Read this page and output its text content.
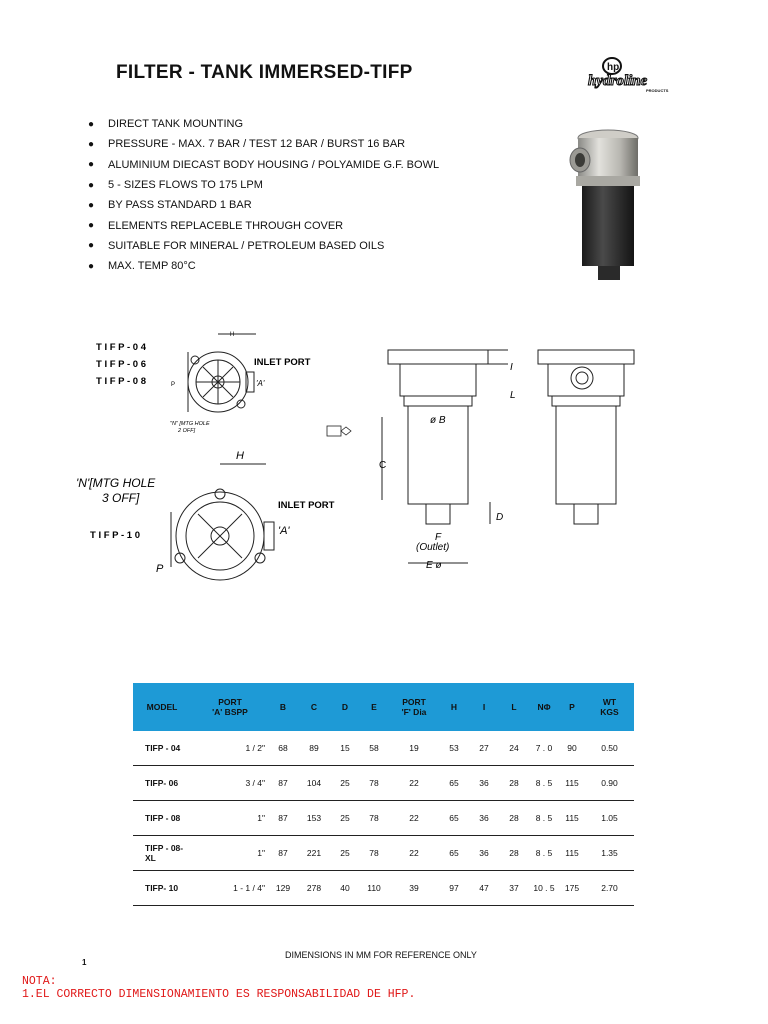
FILTER - TANK IMMERSED-TIFP	hp
hydroline
PRODUCTS
●	DIRECT TANK MOUNTING
●	PRESSURE - MAX. 7 BAR / TEST 12 BAR / BURST 16 BAR
●	ALUMINIUM DIECAST BODY HOUSING / POLYAMIDE G.F. BOWL
●	5 - SIZES FLOWS TO 175 LPM
●	BY PASS STANDARD 1 BAR
●	ELEMENTS REPLACEBLE THROUGH COVER
●	SUITABLE FOR MINERAL / PETROLEUM BASED OILS
●	MAX. TEMP 80°C
T I F P - 0 4
T I F P - 0 6
T I F P - 0 8
INLET PORT
'A'
P
H
"N" [MTG HOLE
2 OFF]
H
'N'[MTG HOLE
3 OFF]
T I F P - 1 0
INLET PORT
'A'
P
ø B
C
D
I
L
F
(Outlet)
E ø
MODEL	PORT	B	C	D	E	PORT	H	I	L	NΦ	P	WT
	'A' BSPP					'F' Dia						KGS
TIFP - 04	1 / 2"	68	89	15	58	19	53	27	24	7 . 0	90	0.50
TIFP- 06	3 / 4"	87	104	25	78	22	65	36	28	8 . 5	115	0.90
TIFP - 08	1"	87	153	25	78	22	65	36	28	8 . 5	115	1.05
TIFP - 08-XL	1"	87	221	25	78	22	65	36	28	8 . 5	115	1.35
TIFP- 10	1 - 1 / 4"	129	278	40	110	39	97	47	37	10 . 5	175	2.70
DIMENSIONS IN MM FOR REFERENCE ONLY
1
NOTA:
1.EL CORRECTO DIMENSIONAMIENTO ES RESPONSABILIDAD DE HFP.
